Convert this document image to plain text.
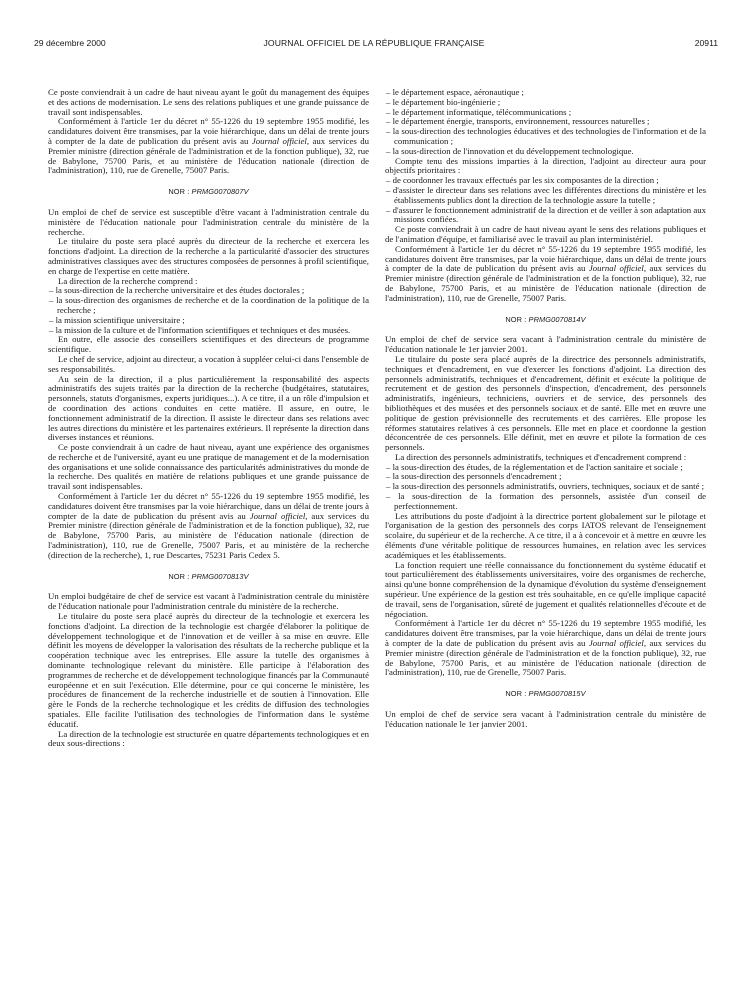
29 décembre 2000	JOURNAL OFFICIEL DE LA RÉPUBLIQUE FRANÇAISE	20911

Ce poste conviendrait à un cadre de haut niveau ayant le goût du management des équipes et des actions de modernisation. Le sens des relations publiques et une grande puissance de travail sont indispensables.

Conformément à l'article 1er du décret n° 55-1226 du 19 septembre 1955 modifié, les candidatures doivent être transmises, par la voie hiérarchique, dans un délai de trente jours à compter de la date de publication du présent avis au Journal officiel, aux services du Premier ministre (direction générale de l'administration et de la fonction publique), 32, rue de Babylone, 75700 Paris, et au ministère de l'éducation nationale (direction de l'administration), 110, rue de Grenelle, 75007 Paris.

NOR : PRMG0070807V

Un emploi de chef de service est susceptible d'être vacant à l'administration centrale du ministère de l'éducation nationale pour l'administration centrale du ministère de la recherche.

Le titulaire du poste sera placé auprès du directeur de la recherche et exercera les fonctions d'adjoint. La direction de la recherche a la particularité d'associer des structures administratives classiques avec des structures composées de personnes à profil scientifique, en charge de l'expertise en cette matière.

La direction de la recherche comprend :

– la sous-direction de la recherche universitaire et des études doctorales ;
– la sous-direction des organismes de recherche et de la coordination de la politique de la recherche ;
– la mission scientifique universitaire ;
– la mission de la culture et de l'information scientifiques et techniques et des musées.

En outre, elle associe des conseillers scientifiques et des directeurs de programme scientifique.

Le chef de service, adjoint au directeur, a vocation à suppléer celui-ci dans l'ensemble de ses responsabilités.

Au sein de la direction, il a plus particulièrement la responsabilité des aspects administratifs des sujets traités par la direction de la recherche (budgétaires, statutaires, personnels, statuts d'organismes, experts juridiques...). A ce titre, il a un rôle d'impulsion et de coordination des actions conduites en cette matière. Il assure, en outre, le fonctionnement administratif de la direction. Il assiste le directeur dans ses relations avec les autres directions du ministère et les partenaires extérieurs. Il représente la direction dans diverses instances et réunions.

Ce poste conviendrait à un cadre de haut niveau, ayant une expérience des organismes de recherche et de l'université, ayant eu une pratique de management et de la modernisation des organisations et une solide connaissance des particularités administratives du monde de la recherche. Des qualités en matière de relations publiques et une grande puissance de travail sont indispensables.

Conformément à l'article 1er du décret n° 55-1226 du 19 septembre 1955 modifié, les candidatures doivent être transmises par la voie hiérarchique, dans un délai de trente jours à compter de la date de publication du présent avis au Journal officiel, aux services du Premier ministre (direction générale de l'administration et de la fonction publique), 32, rue de Babylone, 75700 Paris, au ministère de l'éducation nationale (direction de l'administration), 110, rue de Grenelle, 75007 Paris, et au ministère de la recherche (direction de la recherche), 1, rue Descartes, 75231 Paris Cedex 5.

NOR : PRMG0070813V

Un emploi budgétaire de chef de service est vacant à l'administration centrale du ministère de l'éducation nationale pour l'administration centrale du ministère de la recherche.

Le titulaire du poste sera placé auprès du directeur de la technologie et exercera les fonctions d'adjoint. La direction de la technologie est chargée d'élaborer la politique de développement technologique et de l'innovation et de veiller à sa mise en œuvre. Elle définit les moyens de développer la valorisation des résultats de la recherche publique et la coopération technique avec les entreprises. Elle assure la tutelle des organismes à dominante technologique relevant du ministère. Elle participe à l'élaboration des programmes de recherche et de développement technologique financés par la Communauté européenne et en suit l'exécution. Elle détermine, pour ce qui concerne le ministère, les procédures de financement de la recherche industrielle et de soutien à l'innovation. Elle gère le Fonds de la recherche technologique et les crédits de diffusion des technologies spatiales. Elle facilite l'utilisation des technologies de l'information dans le système éducatif.

La direction de la technologie est structurée en quatre départements technologiques et en deux sous-directions :

– le département espace, aéronautique ;
– le département bio-ingénierie ;
– le département informatique, télécommunications ;
– le département énergie, transports, environnement, ressources naturelles ;
– la sous-direction des technologies éducatives et des technologies de l'information et de la communication ;
– la sous-direction de l'innovation et du développement technologique.

Compte tenu des missions imparties à la direction, l'adjoint au directeur aura pour objectifs prioritaires :

– de coordonner les travaux effectués par les six composantes de la direction ;
– d'assister le directeur dans ses relations avec les différentes directions du ministère et les établissements publics dont la direction de la technologie assure la tutelle ;
– d'assurer le fonctionnement administratif de la direction et de veiller à son adaptation aux missions confiées.

Ce poste conviendrait à un cadre de haut niveau ayant le sens des relations publiques et de l'animation d'équipe, et familiarisé avec le travail au plan interministériel.

Conformément à l'article 1er du décret n° 55-1226 du 19 septembre 1955 modifié, les candidatures doivent être transmises, par la voie hiérarchique, dans un délai de trente jours à compter de la date de publication du présent avis au Journal officiel, aux services du Premier ministre (direction générale de l'administration et de la fonction publique), 32, rue de Babylone, 75700 Paris, et au ministère de l'éducation nationale (direction de l'administration), 110, rue de Grenelle, 75007 Paris.

NOR : PRMG0070814V

Un emploi de chef de service sera vacant à l'administration centrale du ministère de l'éducation nationale le 1er janvier 2001.

Le titulaire du poste sera placé auprès de la directrice des personnels administratifs, techniques et d'encadrement, en vue d'exercer les fonctions d'adjoint. La direction des personnels administratifs, techniques et d'encadrement, définit et exécute la politique de recrutement et de gestion des personnels d'inspection, d'encadrement, des personnels administratifs, ingénieurs, techniciens, ouvriers et de service, des personnels des bibliothèques et des musées et des personnels sociaux et de santé. Elle met en œuvre une politique de gestion prévisionnelle des recrutements et des carrières. Elle propose les réformes statutaires relatives à ces personnels. Elle met en place et coordonne la gestion déconcentrée de ces personnels. Elle définit, met en œuvre et pilote la formation de ces personnels.

La direction des personnels administratifs, techniques et d'encadrement comprend :

– la sous-direction des études, de la réglementation et de l'action sanitaire et sociale ;
– la sous-direction des personnels d'encadrement ;
– la sous-direction des personnels administratifs, ouvriers, techniques, sociaux et de santé ;
– la sous-direction de la formation des personnels, assistée d'un conseil de perfectionnement.

Les attributions du poste d'adjoint à la directrice portent globalement sur le pilotage et l'organisation de la gestion des personnels des corps IATOS relevant de l'enseignement scolaire, du supérieur et de la recherche. A ce titre, il a à concevoir et à mettre en œuvre les éléments d'une véritable politique de ressources humaines, en relation avec les services académiques et les établissements.

La fonction requiert une réelle connaissance du fonctionnement du système éducatif et tout particulièrement des établissements universitaires, voire des organismes de recherche, ainsi qu'une bonne compréhension de la dynamique d'évolution du système d'enseignement supérieur. Une expérience de la gestion est très souhaitable, en ce qu'elle implique capacité de travail, sens de l'organisation, sûreté de jugement et qualités relationnelles d'écoute et de négociation.

Conformément à l'article 1er du décret n° 55-1226 du 19 septembre 1955 modifié, les candidatures doivent être transmises, par la voie hiérarchique, dans un délai de trente jours à compter de la date de publication du présent avis au Journal officiel, aux services du Premier ministre (direction générale de l'administration et de la fonction publique), 32, rue de Babylone, 75700 Paris, et au ministère de l'éducation nationale (direction de l'administration), 110, rue de Grenelle, 75007 Paris.

NOR : PRMG0070815V

Un emploi de chef de service sera vacant à l'administration centrale du ministère de l'éducation nationale le 1er janvier 2001.
